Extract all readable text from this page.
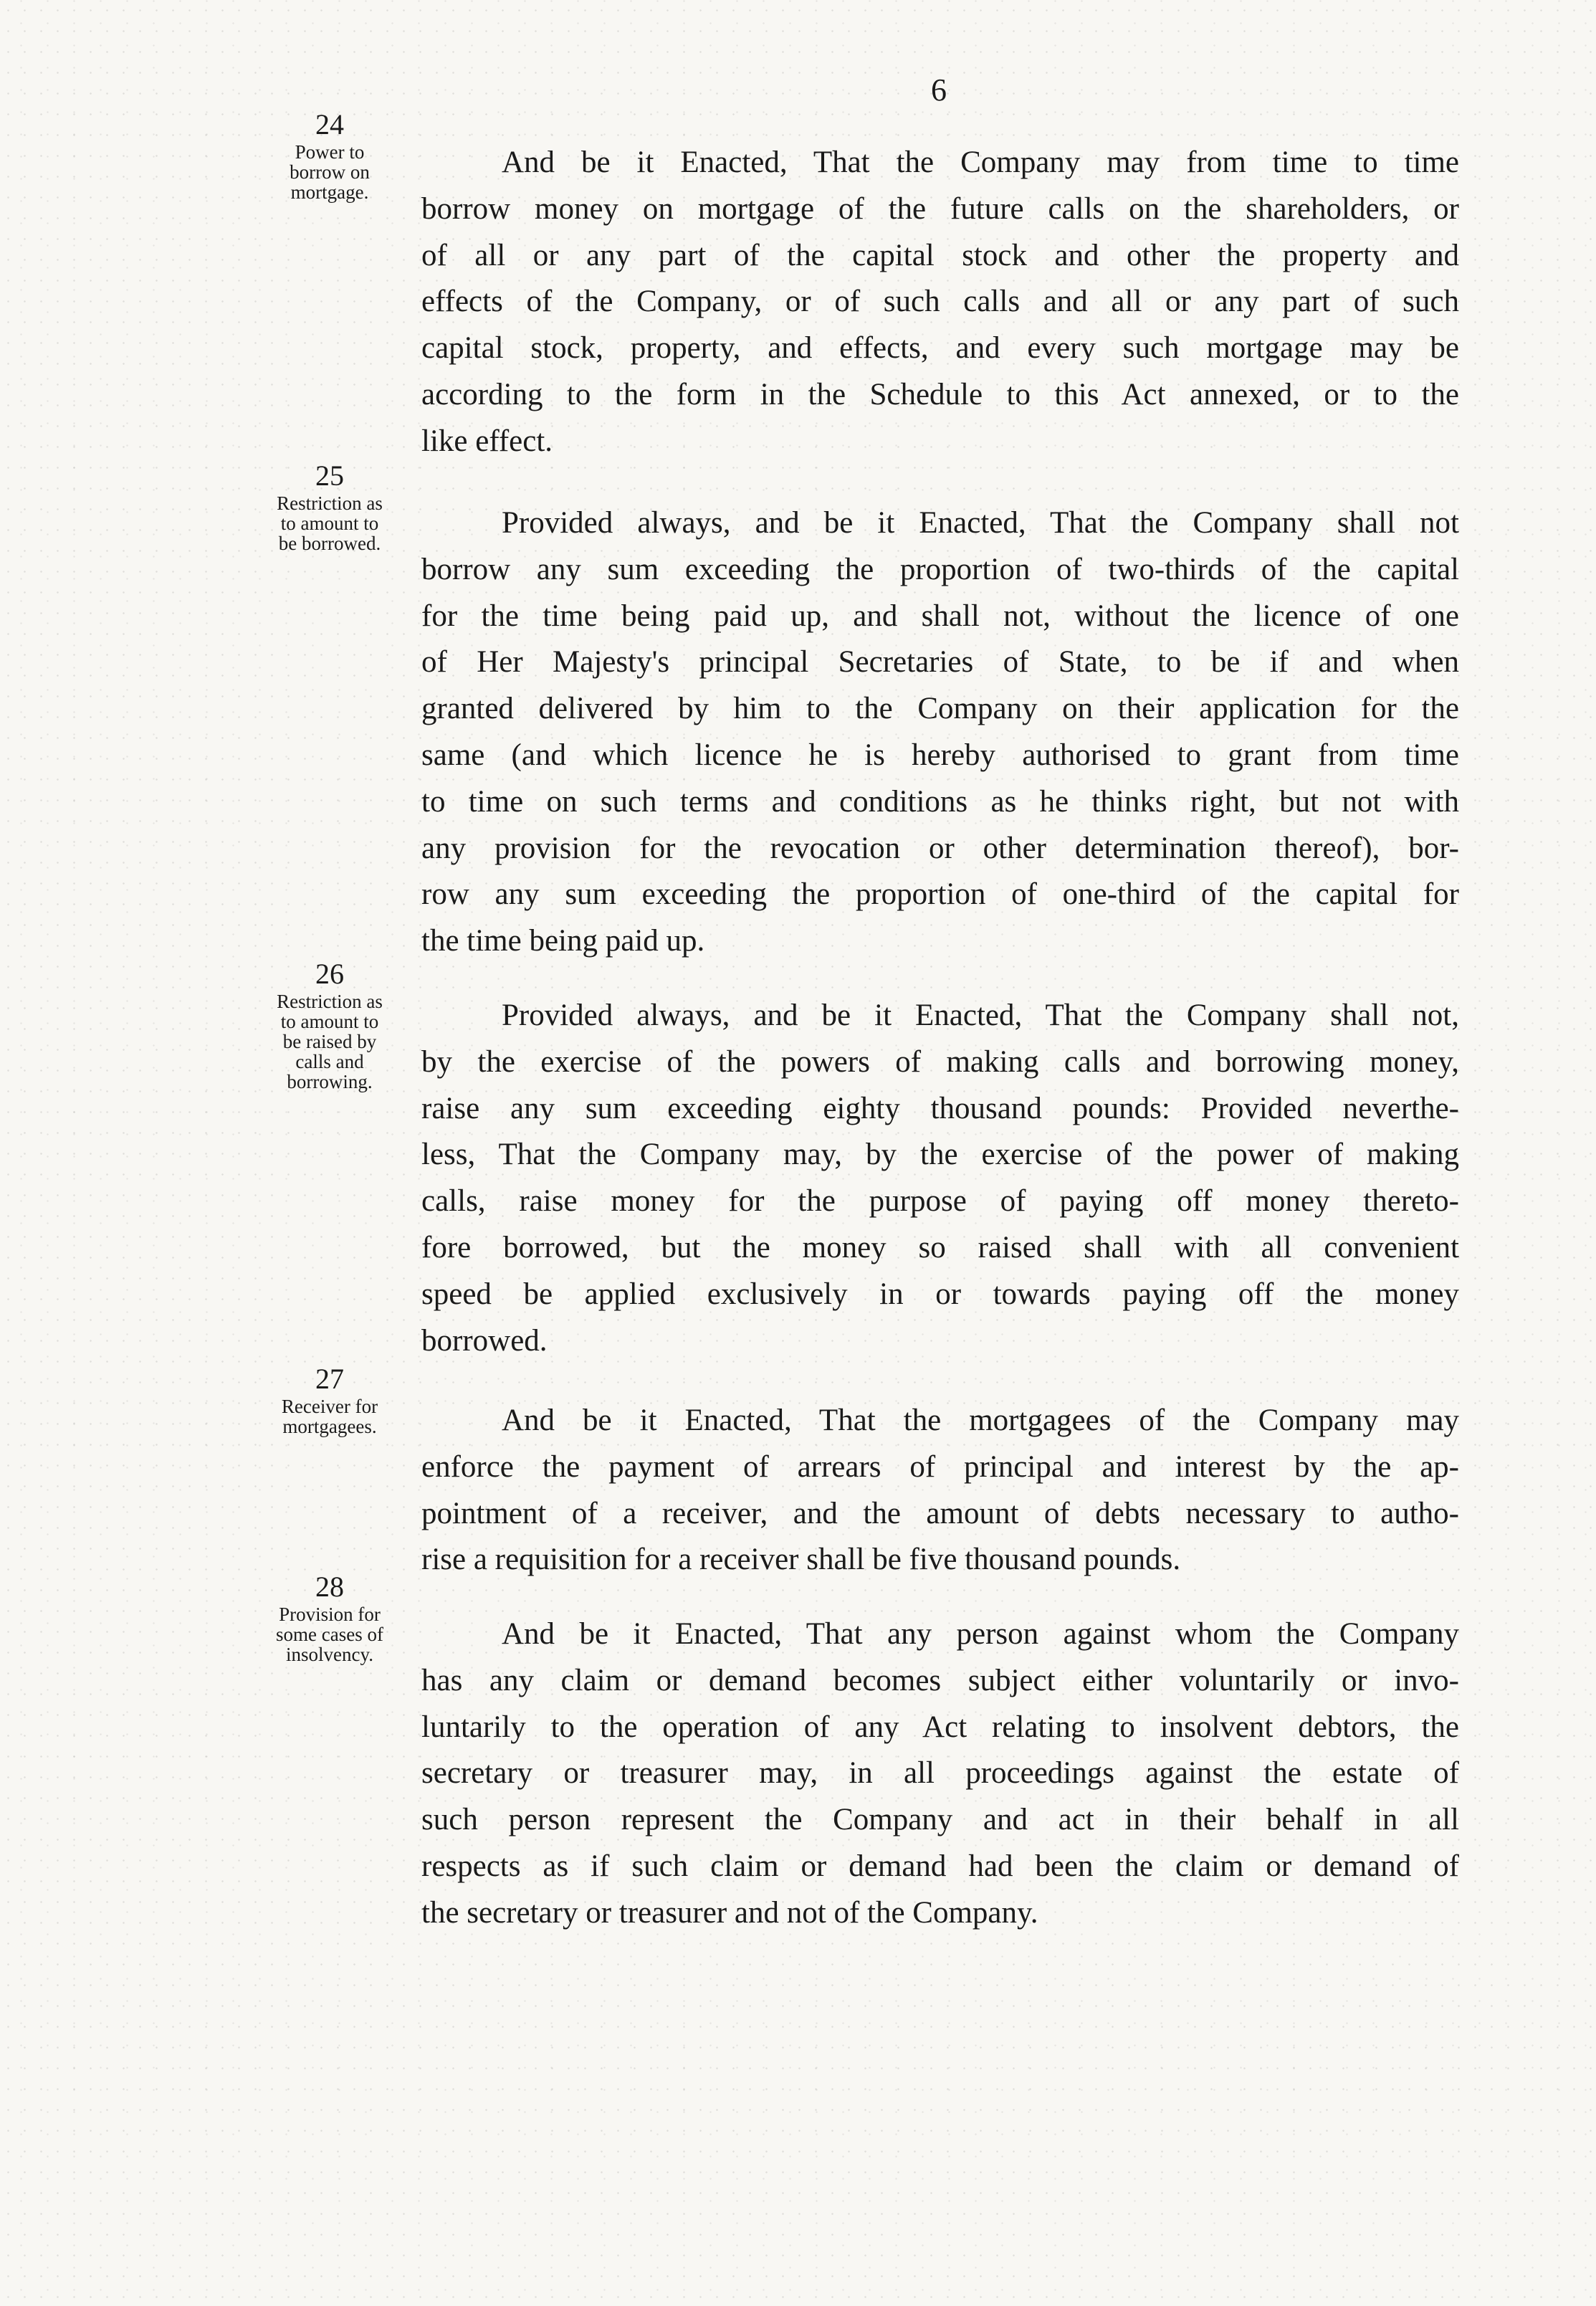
6
24
Power to
borrow on
mortgage.
And be it Enacted, That the Company may from time to time
borrow money on mortgage of the future calls on the shareholders, or
of all or any part of the capital stock and other the property and
effects of the Company, or of such calls and all or any part of such
capital stock, property, and effects, and every such mortgage may be
according to the form in the Schedule to this Act annexed, or to the
like effect.
25
Restriction as
to amount to
be borrowed.
Provided always, and be it Enacted, That the Company shall not
borrow any sum exceeding the proportion of two-thirds of the capital
for the time being paid up, and shall not, without the licence of one
of Her Majesty's principal Secretaries of State, to be if and when
granted delivered by him to the Company on their application for the
same (and which licence he is hereby authorised to grant from time
to time on such terms and conditions as he thinks right, but not with
any provision for the revocation or other determination thereof), bor-
row any sum exceeding the proportion of one-third of the capital for
the time being paid up.
26
Restriction as
to amount to
be raised by
calls and
borrowing.
Provided always, and be it Enacted, That the Company shall not,
by the exercise of the powers of making calls and borrowing money,
raise any sum exceeding eighty thousand pounds: Provided neverthe-
less, That the Company may, by the exercise of the power of making
calls, raise money for the purpose of paying off money thereto-
fore borrowed, but the money so raised shall with all convenient
speed be applied exclusively in or towards paying off the money
borrowed.
27
Receiver for
mortgagees.	And be it Enacted, That the mortgagees of the Company may
enforce the payment of arrears of principal and interest by the ap-
pointment of a receiver, and the amount of debts necessary to autho-
rise a requisition for a receiver shall be five thousand pounds.
28
Provision for
some cases of
insolvency.
And be it Enacted, That any person against whom the Company
has any claim or demand becomes subject either voluntarily or invo-
luntarily to the operation of any Act relating to insolvent debtors, the
secretary or treasurer may, in all proceedings against the estate of
such person represent the Company and act in their behalf in all
respects as if such claim or demand had been the claim or demand of
the secretary or treasurer and not of the Company.
